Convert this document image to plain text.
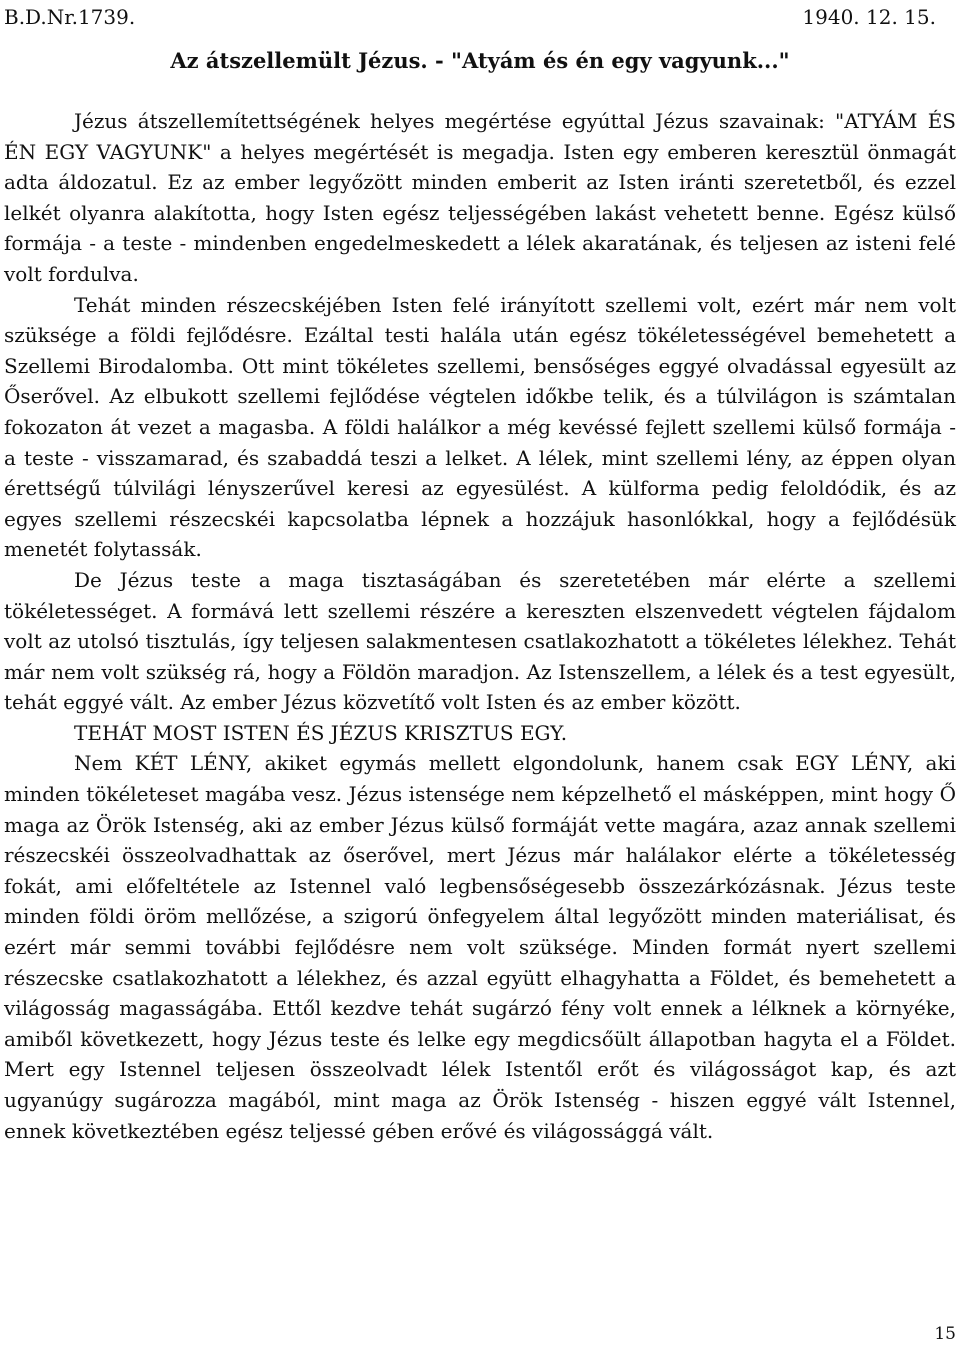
B.D.Nr.1739.	1940. 12. 15.
Az átszellemült Jézus. - "Atyám és én egy vagyunk..."

Jézus átszellemítettségének helyes megértése egyúttal Jézus szavainak: "ATYÁM ÉS ÉN EGY VAGYUNK" a helyes megértését is megadja. Isten egy emberen keresztül önmagát adta áldozatul. Ez az ember legyőzött minden emberit az Isten iránti szeretetből, és ezzel lelkét olyanra alakította, hogy Isten egész teljességében lakást vehetett benne. Egész külső formája - a teste - mindenben engedelmeskedett a lélek akaratának, és teljesen az isteni felé volt fordulva.

Tehát minden részecskéjében Isten felé irányított szellemi volt, ezért már nem volt szüksége a földi fejlődésre. Ezáltal testi halála után egész tökéletességével bemehetett a Szellemi Birodalomba. Ott mint tökéletes szellemi, bensőséges eggyé olvadással egyesült az Őserővel. Az elbukott szellemi fejlődése végtelen időkbe telik, és a túlvilágon is számtalan fokozaton át vezet a magasba. A földi halálkor a még kevéssé fejlett szellemi külső formája - a teste - visszamarad, és szabaddá teszi a lelket. A lélek, mint szellemi lény, az éppen olyan érettségű túlvilági lényszerűvel keresi az egyesülést. A külforma pedig feloldódik, és az egyes szellemi részecskéi kapcsolatba lépnek a hozzájuk hasonlókkal, hogy a fejlődésük menetét folytassák.

De Jézus teste a maga tisztaságában és szeretetében már elérte a szellemi tökéletességet. A formává lett szellemi részére a kereszten elszenvedett végtelen fájdalom volt az utolsó tisztulás, így teljesen salakmentesen csatlakozhatott a tökéletes lélekhez. Tehát már nem volt szükség rá, hogy a Földön maradjon. Az Istenszellem, a lélek és a test egyesült, tehát eggyé vált. Az ember Jézus közvetítő volt Isten és az ember között.

TEHÁT MOST ISTEN ÉS JÉZUS KRISZTUS EGY.

Nem KÉT LÉNY, akiket egymás mellett elgondolunk, hanem csak EGY LÉNY, aki minden tökéleteset magába vesz. Jézus istensége nem képzelhető el másképpen, mint hogy Ő maga az Örök Istenség, aki az ember Jézus külső formáját vette magára, azaz annak szellemi részecskéi összeolvadhattak az őserővel, mert Jézus már halálakor elérte a tökéletesség fokát, ami előfeltétele az Istennel való legbensőségesebb összezárkózásnak. Jézus teste minden földi öröm mellőzése, a szigorú önfegyelem által legyőzött minden materiálisat, és ezért már semmi további fejlődésre nem volt szüksége. Minden formát nyert szellemi részecske csatlakozhatott a lélekhez, és azzal együtt elhagyhatta a Földet, és bemehetett a világosság magasságába. Ettől kezdve tehát sugárzó fény volt ennek a lélknek a környéke, amiből következett, hogy Jézus teste és lelke egy megdicsőült állapotban hagyta el a Földet. Mert egy Istennel teljesen összeolvadt lélek Istentől erőt és világosságot kap, és azt ugyanúgy sugározza magából, mint maga az Örök Istenség - hiszen eggyé vált Istennel, ennek következtében egész teljessé gében erővé és világossággá vált.

15
